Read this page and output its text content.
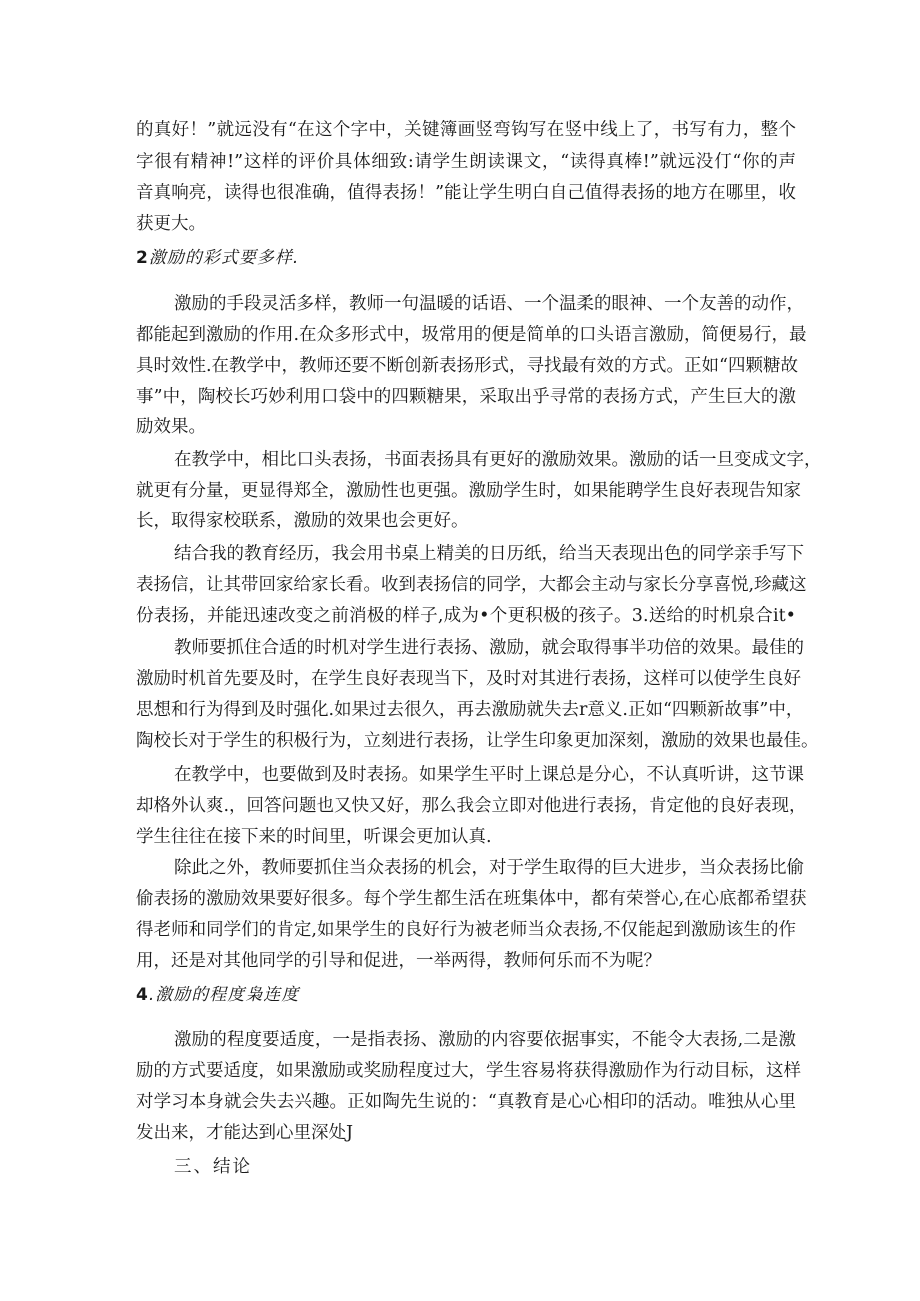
的真好！”就远没有“在这个字中，关键簿画竖弯钩写在竖中线上了，书写有力，整个
字很有精神!”这样的评价具体细致:请学生朗读课文，“读得真棒!”就远没仃“你的声
音真响亮，读得也很准确，值得表扬！”能让学生明白自己值得表扬的地方在哪里，收
获更大。
2激励的彩式要多样.
激励的手段灵活多样，教师一句温暖的话语、一个温柔的眼神、一个友善的动作，
都能起到激励的作用.在众多形式中，圾常用的便是简单的口头语言激励，简便易行，最
具时效性.在教学中，教师还要不断创新表扬形式，寻找最有效的方式。正如“四颗糖故
事”中，陶校长巧妙利用口袋中的四颗糖果，采取出乎寻常的表扬方式，产生巨大的激
励效果。
在教学中，相比口头表扬，书面表扬具有更好的激励效果。激励的话一旦变成文字，
就更有分量，更显得郑全，激励性也更强。激励学生时，如果能聘学生良好表现告知家
长，取得家校联系，激励的效果也会更好。
结合我的教育经历，我会用书桌上精美的日历纸，给当天表现出色的同学亲手写下
表扬信，让其带回家给家长看。收到表扬信的同学，大都会主动与家长分享喜悦,珍藏这
份表扬，并能迅速改变之前消极的样子,成为•个更积极的孩子。3.送给的时机泉合it•
教师要抓住合适的时机对学生进行表扬、激励，就会取得事半功倍的效果。最佳的
激励时机首先要及时，在学生良好表现当下，及时对其进行表扬，这样可以使学生良好
思想和行为得到及时强化.如果过去很久，再去激励就失去r意义.正如“四颗新故事”中，
陶校长对于学生的积极行为，立刻进行表扬，让学生印象更加深刻，激励的效果也最佳。
在教学中，也要做到及时表扬。如果学生平时上课总是分心，不认真听讲，这节课
却格外认爽.，回答问题也又快又好，那么我会立即对他进行表扬，肯定他的良好表现，
学生往往在接下来的时间里，听课会更加认真.
除此之外，教师要抓住当众表扬的机会，对于学生取得的巨大进步，当众表扬比偷
偷表扬的激励效果要好很多。每个学生都生活在班集体中，都有荣誉心,在心底都希望获
得老师和同学们的肯定,如果学生的良好行为被老师当众表扬,不仅能起到激励该生的作
用，还是对其他同学的引导和促进，一举两得，教师何乐而不为呢？
4.激励的程度枭连度
激励的程度要适度，一是指表扬、激励的内容要依据事实，不能令大表扬,二是激
励的方式要适度，如果激励或奖励程度过大，学生容易将获得激励作为行动目标，这样
对学习本身就会失去兴趣。正如陶先生说的：“真教育是心心相印的活动。唯独从心里
发出来，才能达到心里深处J
三、结论
